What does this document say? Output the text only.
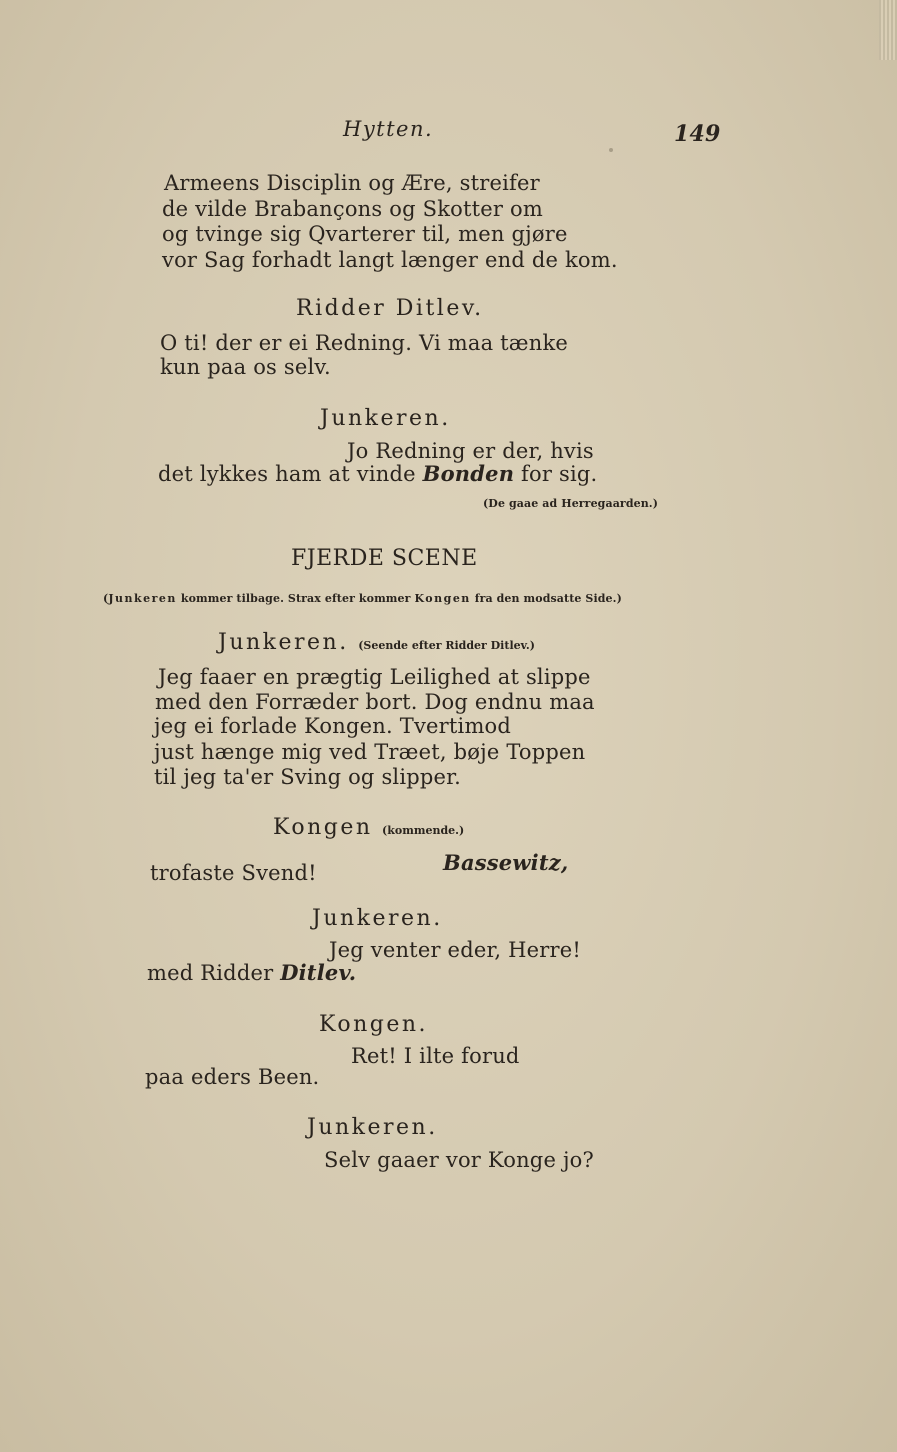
Hytten.	149
Armeens Disciplin og Ære, streifer
de vilde Brabançons og Skotter om
og tvinge sig Qvarterer til, men gjøre
vor Sag forhadt langt længer end de kom.
Ridder Ditlev.
O ti! der er ei Redning. Vi maa tænke
kun paa os selv.
Junkeren.
Jo Redning er der, hvis
det lykkes ham at vinde Bonden for sig.
(De gaae ad Herregaarden.)
FJERDE SCENE
(Junkeren kommer tilbage. Strax efter kommer Kongen fra den modsatte Side.)
Junkeren. (Seende efter Ridder Ditlev.)
Jeg faaer en prægtig Leilighed at slippe
med den Forræder bort. Dog endnu maa
jeg ei forlade Kongen. Tvertimod
just hænge mig ved Træet, bøje Toppen
til jeg ta'er Sving og slipper.
Kongen (kommende.)
Bassewitz,
trofaste Svend!
Junkeren.
Jeg venter eder, Herre!
med Ridder Ditlev.
Kongen.
Ret! I ilte forud
paa eders Been.
Junkeren.
Selv gaaer vor Konge jo?
